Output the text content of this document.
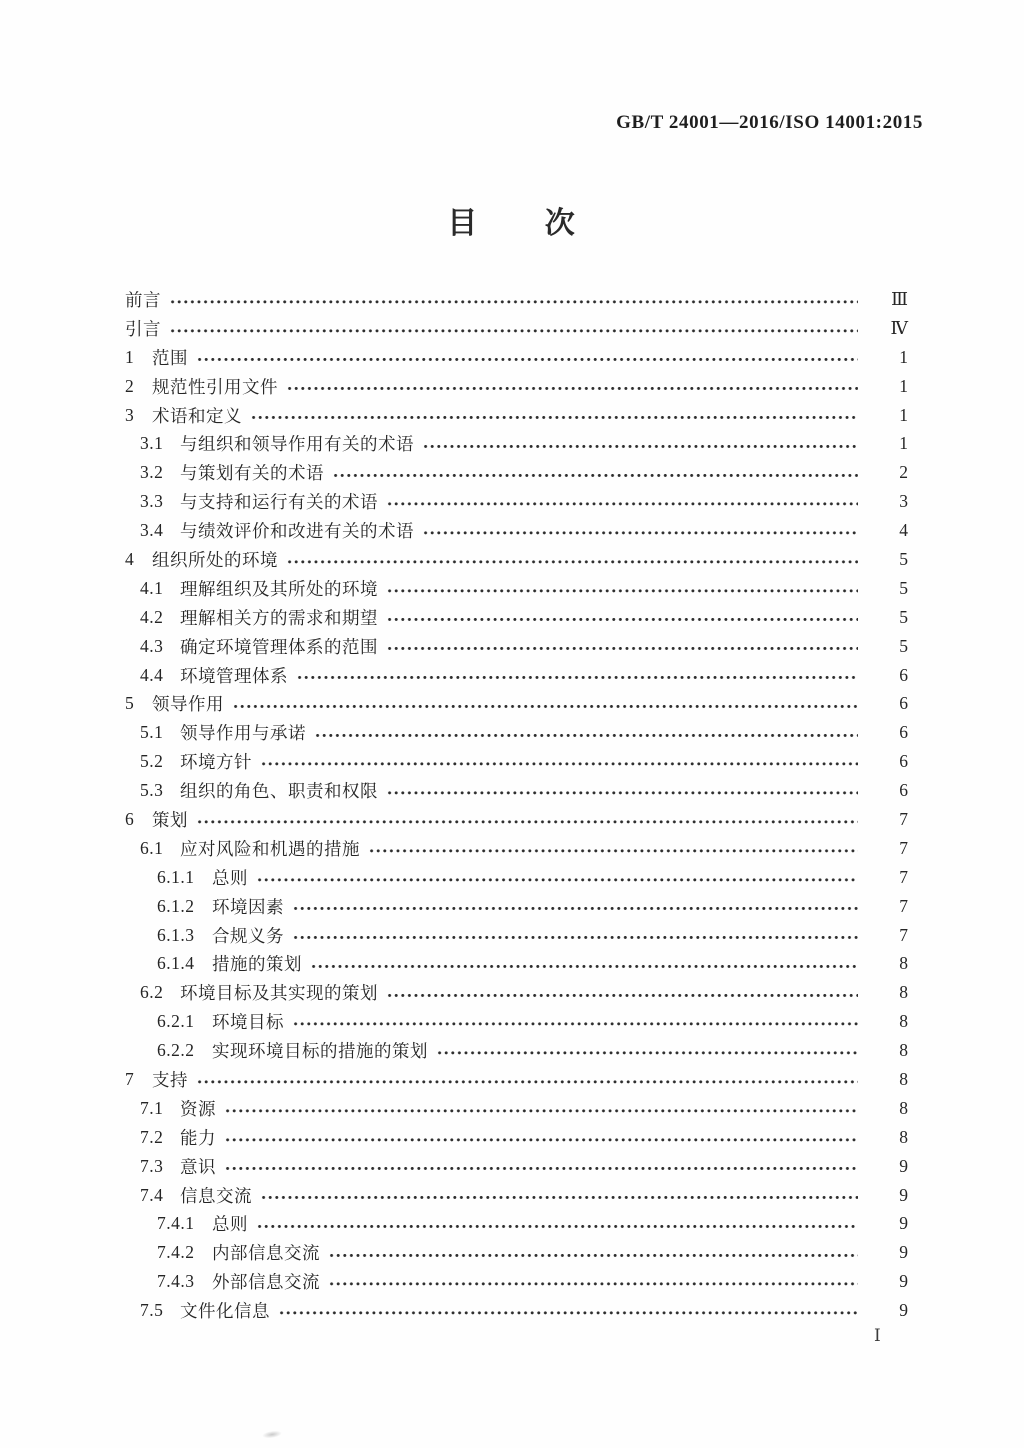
GB/T 24001—2016/ISO 14001:2015
目 次
前言	Ⅲ
引言	Ⅳ
1	范围	1
2	规范性引用文件	1
3	术语和定义	1
3.1 与组织和领导作用有关的术语	1
3.2 与策划有关的术语	2
3.3 与支持和运行有关的术语	3
3.4 与绩效评价和改进有关的术语	4
4	组织所处的环境	5
4.1 理解组织及其所处的环境	5
4.2 理解相关方的需求和期望	5
4.3 确定环境管理体系的范围	5
4.4 环境管理体系	6
5	领导作用	6
5.1 领导作用与承诺	6
5.2 环境方针	6
5.3 组织的角色、职责和权限	6
6	策划	7
6.1 应对风险和机遇的措施	7
6.1.1	总则	7
6.1.2	环境因素	7
6.1.3	合规义务	7
6.1.4	措施的策划	8
6.2 环境目标及其实现的策划	8
6.2.1	环境目标	8
6.2.2	实现环境目标的措施的策划	8
7	支持	8
7.1 资源	8
7.2 能力	8
7.3 意识	9
7.4 信息交流	9
7.4.1	总则	9
7.4.2	内部信息交流	9
7.4.3	外部信息交流	9
7.5 文件化信息	9
Ⅰ
